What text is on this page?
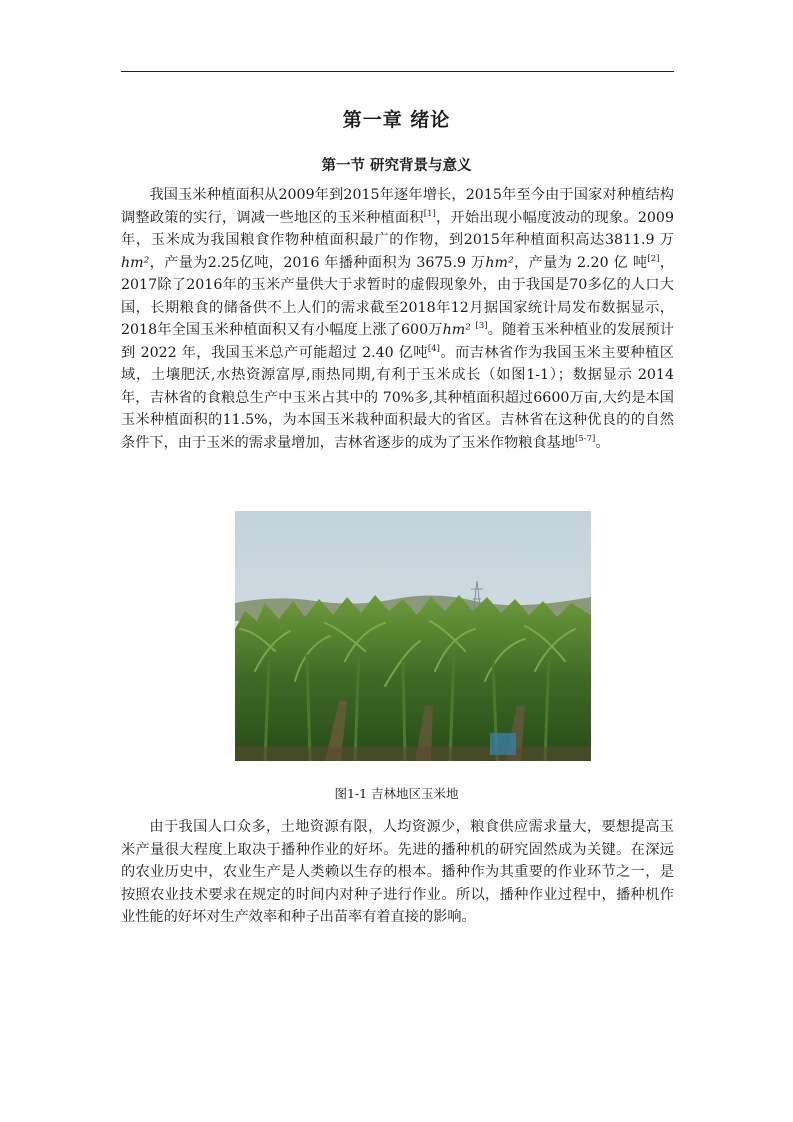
第一章 绪论
第一节 研究背景与意义

我国玉米种植面积从2009年到2015年逐年增长，2015年至今由于国家对种植结构调整政策的实行，调减一些地区的玉米种植面积[1]，开始出现小幅度波动的现象。2009年，玉米成为我国粮食作物种植面积最广的作物，到2015年种植面积高达3811.9 万 hm²，产量为2.25亿吨，2016 年播种面积为 3675.9 万hm²，产量为 2.20 亿 吨[2]， 2017除了2016年的玉米产量供大于求暂时的虚假现象外，由于我国是70多亿的人口大国，长期粮食的储备供不上人们的需求截至2018年12月据国家统计局发布数据显示，2018年全国玉米种植面积又有小幅度上涨了600万hm² [3]。随着玉米种植业的发展预计到 2022 年，我国玉米总产可能超过 2.40 亿吨[4]。而吉林省作为我国玉米主要种植区域，土壤肥沃,水热资源富厚,雨热同期,有利于玉米成长（如图1-1）；数据显示 2014 年，吉林省的食粮总生产中玉米占其中的 70%多,其种植面积超过6600万亩,大约是本国玉米种植面积的11.5%，为本国玉米栽种面积最大的省区。吉林省在这种优良的的自然条件下，由于玉米的需求量增加，吉林省逐步的成为了玉米作物粮食基地[5-7]。

图1-1 吉林地区玉米地

由于我国人口众多，土地资源有限，人均资源少，粮食供应需求量大，要想提高玉米产量很大程度上取决于播种作业的好坏。先进的播种机的研究固然成为关键。在深远的农业历史中，农业生产是人类赖以生存的根本。播种作为其重要的作业环节之一，是按照农业技术要求在规定的时间内对种子进行作业。所以，播种作业过程中，播种机作业性能的好坏对生产效率和种子出苗率有着直接的影响。
